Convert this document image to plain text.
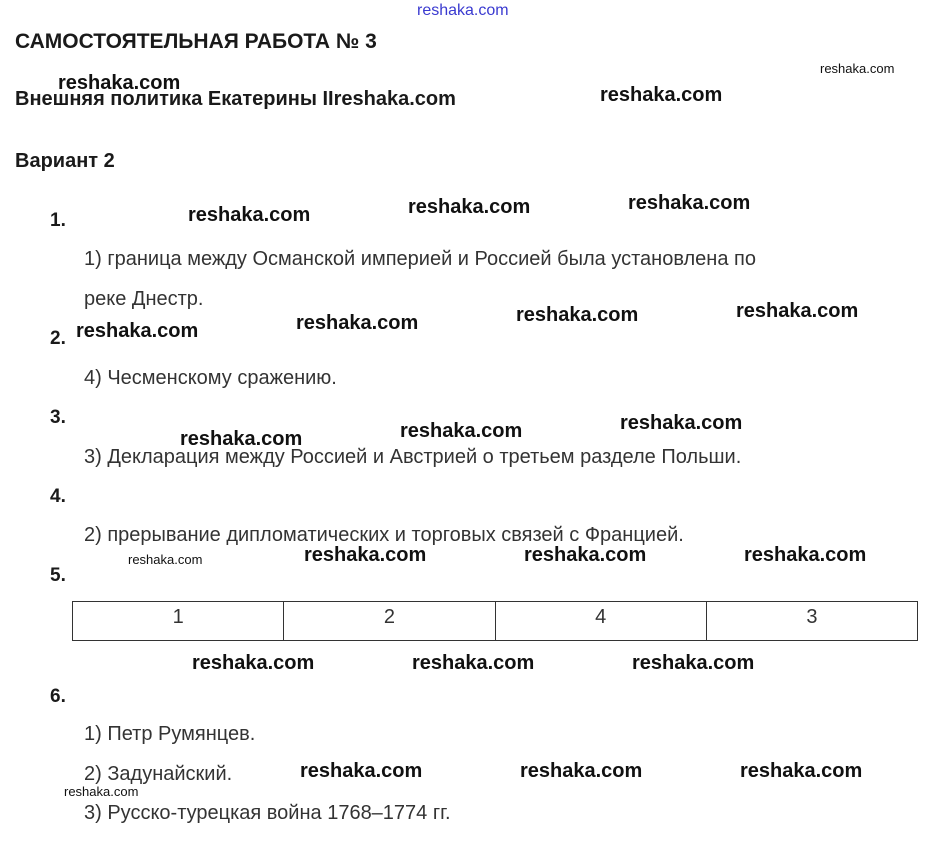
reshaka.com
САМОСТОЯТЕЛЬНАЯ РАБОТА № 3
Внешняя политика Екатерины IIreshaka.com
Вариант 2
1.
1) граница между Османской империей и Россией была установлена по
реке Днестр.
2.
4) Чесменскому сражению.
3.
3) Декларация между Россией и Австрией о третьем разделе Польши.
4.
2) прерывание дипломатических и торговых связей с Францией.
5.
1	2	4	3
6.
1) Петр Румянцев.
2) Задунайский.
3) Русско-турецкая война 1768–1774 гг.
reshaka.com
reshaka.com
reshaka.com
reshaka.com	reshaka.com	reshaka.com
reshaka.com	reshaka.com	reshaka.com	reshaka.com
reshaka.com	reshaka.com	reshaka.com
reshaka.com	reshaka.com	reshaka.com	reshaka.com
reshaka.com	reshaka.com	reshaka.com
reshaka.com	reshaka.com	reshaka.com
reshaka.com
